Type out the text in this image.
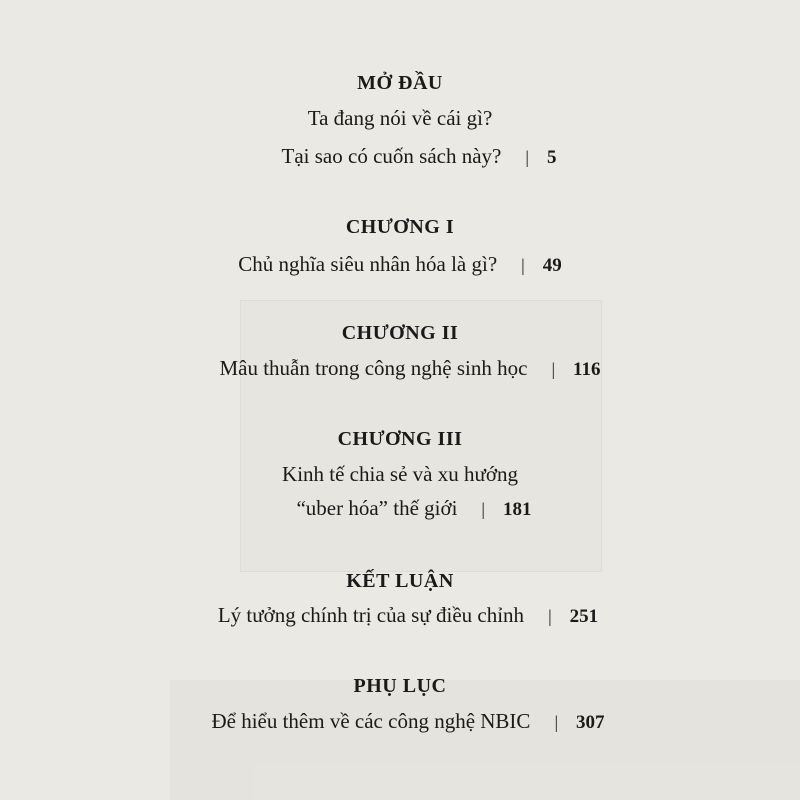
MỞ ĐẦU
Ta đang nói về cái gì?
Tại sao có cuốn sách này? | 5
CHƯƠNG I
Chủ nghĩa siêu nhân hóa là gì? | 49
CHƯƠNG II
Mâu thuẫn trong công nghệ sinh học | 116
CHƯƠNG III
Kinh tế chia sẻ và xu hướng
“uber hóa” thế giới | 181
KẾT LUẬN
Lý tưởng chính trị của sự điều chỉnh | 251
PHỤ LỤC
Để hiểu thêm về các công nghệ NBIC | 307
